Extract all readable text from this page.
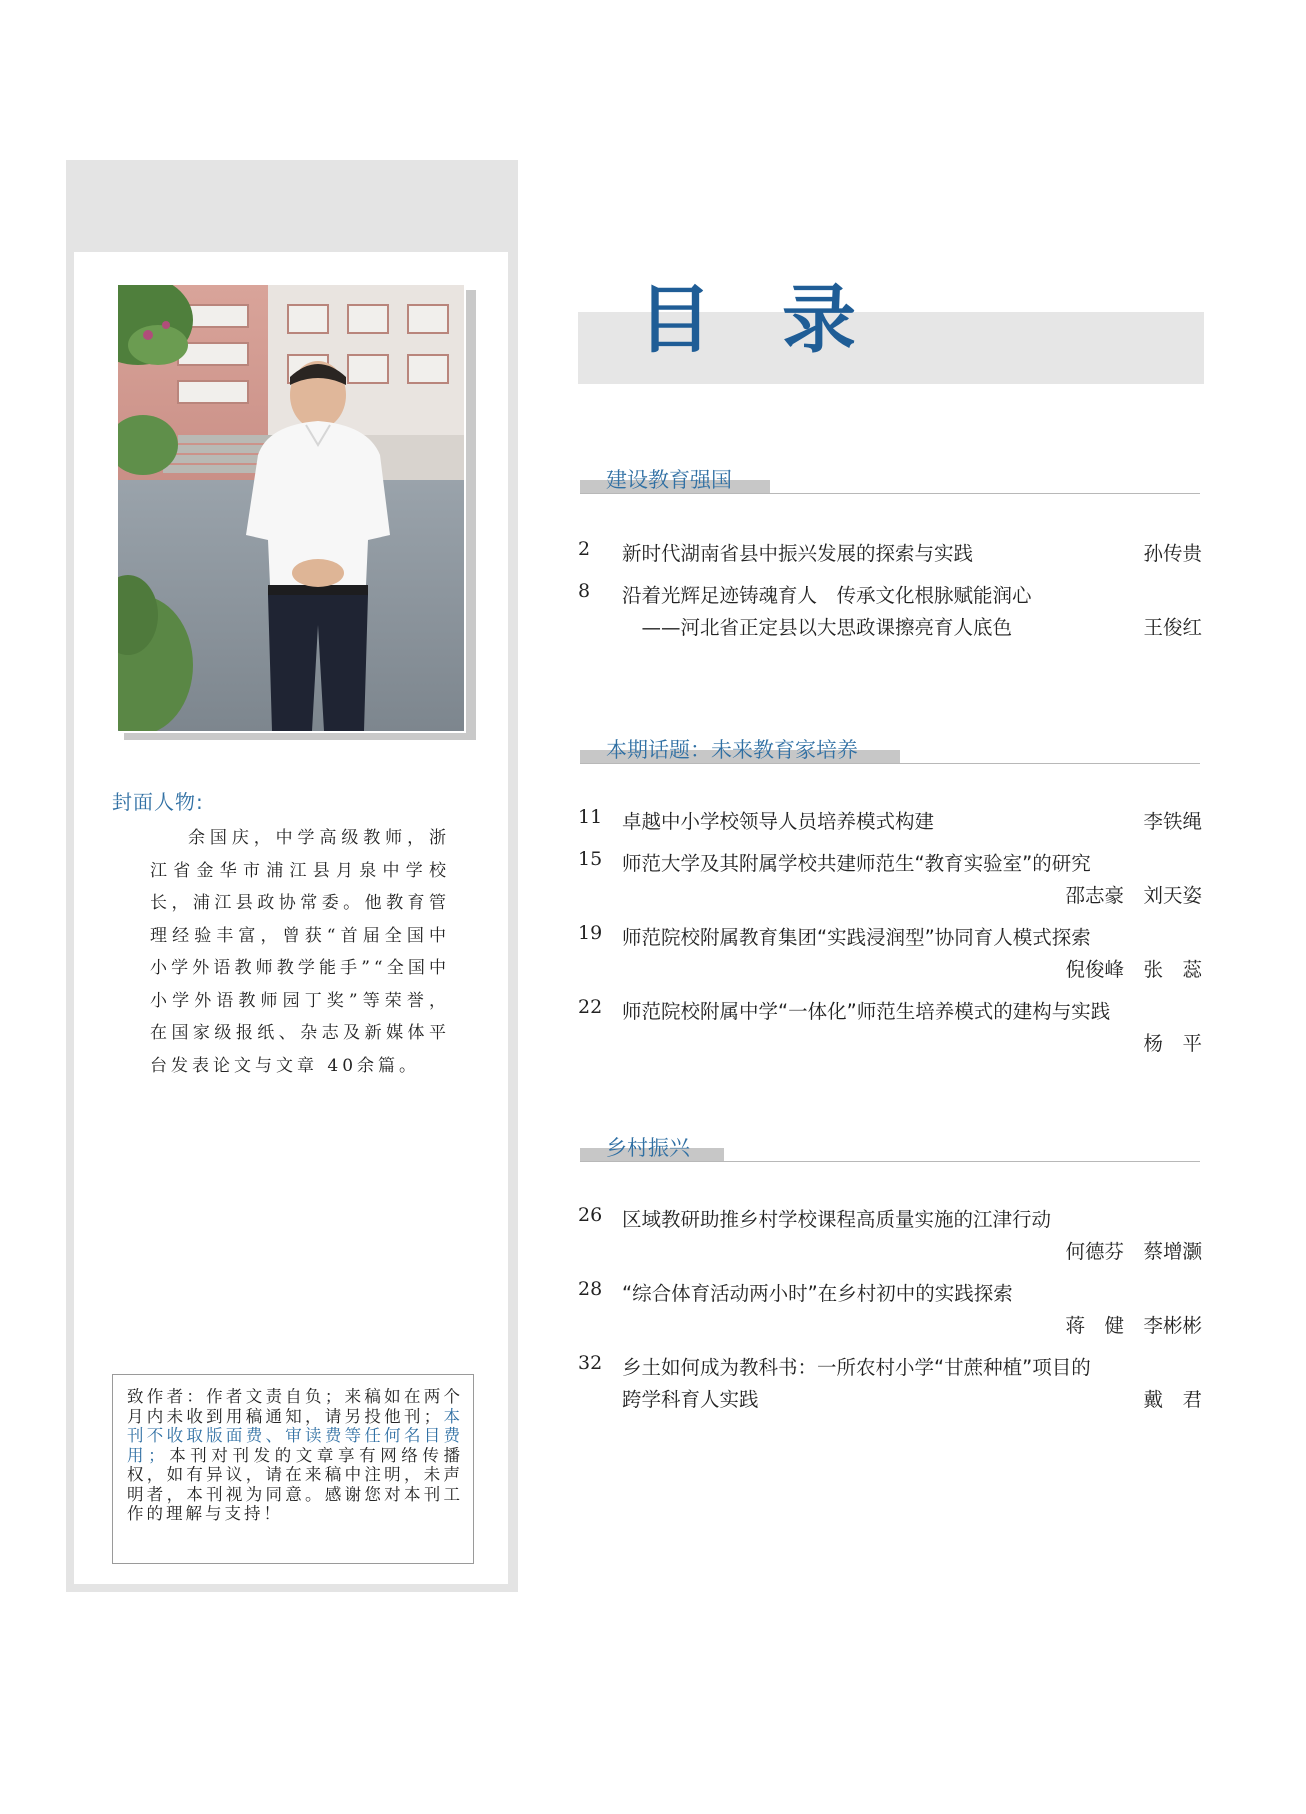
封面人物:
余国庆，中学高级教师，浙江省金华市浦江县月泉中学校长，浦江县政协常委。他教育管理经验丰富，曾获“首届全国中小学外语教师教学能手”“全国中小学外语教师园丁奖”等荣誉，在国家级报纸、杂志及新媒体平台发表论文与文章 40余篇。
致作者：作者文责自负；来稿如在两个月内未收到用稿通知，请另投他刊；本刊不收取版面费、审读费等任何名目费用；本刊对刊发的文章享有网络传播权，如有异议，请在来稿中注明，未声明者，本刊视为同意。感谢您对本刊工作的理解与支持！
目录
建设教育强国
2	新时代湖南省县中振兴发展的探索与实践	孙传贵
8	沿着光辉足迹铸魂育人　传承文化根脉赋能润心
　——河北省正定县以大思政课擦亮育人底色	王俊红
本期话题：未来教育家培养
11	卓越中小学校领导人员培养模式构建	李铁绳
15	师范大学及其附属学校共建师范生“教育实验室”的研究
邵志豪　刘天姿
19	师范院校附属教育集团“实践浸润型”协同育人模式探索
倪俊峰　张　蕊
22	师范院校附属中学“一体化”师范生培养模式的建构与实践
杨　平
乡村振兴
26	区域教研助推乡村学校课程高质量实施的江津行动
何德芬　蔡增灏
28	“综合体育活动两小时”在乡村初中的实践探索
蒋　健　李彬彬
32	乡土如何成为教科书：一所农村小学“甘蔗种植”项目的
跨学科育人实践	戴　君
